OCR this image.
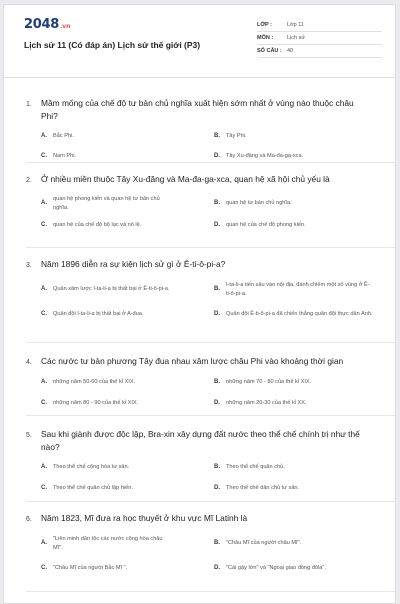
2048 .vn
Lịch sử 11 (Có đáp án) Lịch sử thế giới (P3)
LỚP :	Lớp 11
MÔN :	Lịch sử
SỐ CÂU : 40
1.	Mầm mống của chế độ tư bản chủ nghĩa xuất hiện sớm nhất ở vùng nào thuộc châu Phi?
A.	Bắc Phi.	B.	Tây Phi.
C.	Nam Phi.	D.	Tây Xu-đăng và Ma-đa-ga-xca.
2.	Ở nhiều miền thuộc Tây Xu-đăng và Ma-đa-ga-xca, quan hệ xã hội chủ yếu là
A.
quan hệ phong kiến và quan hệ tư bản chủ nghĩa.
B.	quan hệ tư bản chủ nghĩa.
C.	quan hệ của chế độ bộ lạc và nô lệ.	D.	quan hệ của chế độ phong kiến.
3.	Năm 1896 diễn ra sự kiện lịch sử gì ở Ê-ti-ô-pi-a?
A.	Quân xâm lược I-ta-li-a bị thất bại ở Ê-ti-ô-pi-a.	B.
I-ta-li-a tiến sâu vào nội địa, đánh chiếm một số vùng ở Ê-ti-ô-pi-a.
C.	Quân đội I-ta-li-a bị thất bại ở A-đua.	D.	Quân đội Ê-ti-ô-pi-a đã chiến thắng quân đội thực dân Anh.
4.	Các nước tư bản phương Tây đua nhau xâm lược châu Phi vào khoảng thời gian
A.	những năm 50-60 của thế kỉ XIX.	B.	những năm 70 - 80 của thế kỉ XIX.
C.	những năm 80 - 90 của thế kỉ XIX.	D.	những năm 20-30 của thế kỉ XX.
5.	Sau khi giành được độc lập, Bra-xin xây dựng đất nước theo thể chế chính trị như thế nào?
A.	Theo thể chế cộng hòa tư sản.	B.	Theo thể chế quân chủ.
C.	Theo thể chế quân chủ lập hiến.	D.	Theo thể chế dân chủ tư sản.
6.	Năm 1823, Mĩ đưa ra học thuyết ở khu vực Mĩ Latinh là
A.
"Liên minh dân tộc các nước cộng hòa châu Mĩ".
B.	"Châu Mĩ của người châu Mĩ".
C.	"Châu Mĩ của người Bắc Mĩ ".	D.	"Cái gậy lớn" và "Ngoại giao đồng đôla".
